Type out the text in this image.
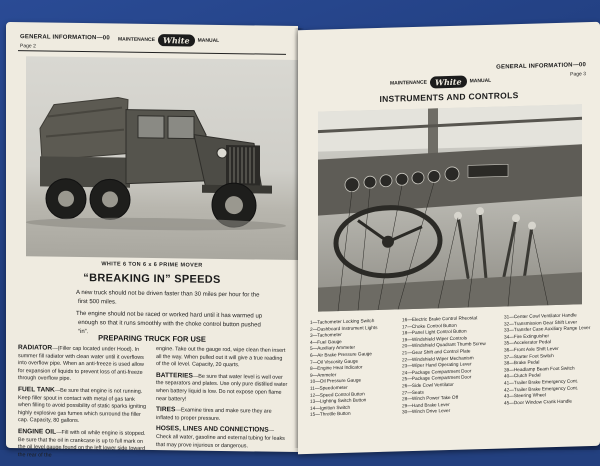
GENERAL INFORMATION—00
Page 2
MAINTENANCE	White	MANUAL
WHITE 6 TON 6 x 6 PRIME MOVER
“BREAKING IN” SPEEDS

A new truck should not be driven faster than 30 miles per hour for the first 500 miles.

The engine should not be raced or worked hard until it has warmed up enough so that it runs smoothly with the choke control button pushed “in”.

PREPARING TRUCK FOR USE

RADIATOR—(Filler cap located under Hood). In summer fill radiator with clean water until it overflows into overflow pipe. When an anti-freeze is used allow for expansion of liquids to prevent loss of anti-freeze through overflow pipe.

FUEL TANK—Be sure that engine is not running. Keep filler spout in contact with metal of gas tank when filling to avoid possibility of static sparks igniting highly explosive gas fumes which surround the filler cap. Capacity, 80 gallons.

ENGINE OIL—Fill with oil while engine is stopped. Be sure that the oil in crankcase is up to full mark on the oil level gauge found on the left lower side toward the rear of the

engine. Take out the gauge rod, wipe clean then insert all the way. When pulled out it will give a true reading of the oil level. Capacity, 20 quarts.

BATTERIES—Be sure that water level is well over the separators and plates. Use only pure distilled water when battery liquid is low. Do not expose open flame near battery!

TIRES—Examine tires and make sure they are inflated to proper pressure.

HOSES, LINES AND CONNECTIONS—Check all water, gasoline and external tubing for leaks that may prove injurious or dangerous.

MAINTENANCE	White	MANUAL
GENERAL INFORMATION—00
Page 3
INSTRUMENTS AND CONTROLS
1—Tachometer Locking Switch
2—Dashboard Instrument Lights
3—Tachometer
4—Fuel Gauge
5—Auxiliary Ammeter
6—Air Brake Pressure Gauge
7—Oil Viscosity Gauge
8—Engine Heat Indicator
9—Ammeter
10—Oil Pressure Gauge
11—Speedometer
12—Speed Control Button
13—Lighting Switch Button
14—Ignition Switch
15—Throttle Button
16—Electric Brake Control Rheostat
17—Choke Control Button
18—Panel Light Control Button
19—Windshield Wiper Controls
20—Windshield Quadrant Thumb Screw
21—Gear Shift and Control Plate
22—Windshield Wiper Mechanism
23—Wiper Hand Operating Lever
24—Package Compartment Door
25—Package Compartment Door
26—Side Cowl Ventilator
27—Seats
28—Winch Power Take Off
29—Hand Brake Lever
30—Winch Drive Lever
31—Center Cowl Ventilator Handle
32—Transmission Gear Shift Lever
33—Transfer Case Auxiliary Range Lever
34—Fire Extinguisher
35—Accelerator Pedal
36—Front Axle Shift Lever
37—Starter Foot Switch
38—Brake Pedal
39—Headlamp Beam Foot Switch
40—Clutch Pedal
41—Trailer Brake Emergency Cont.
42—Trailer Brake Emergency Cont.
43—Steering Wheel
45—Door Window Crank Handle
